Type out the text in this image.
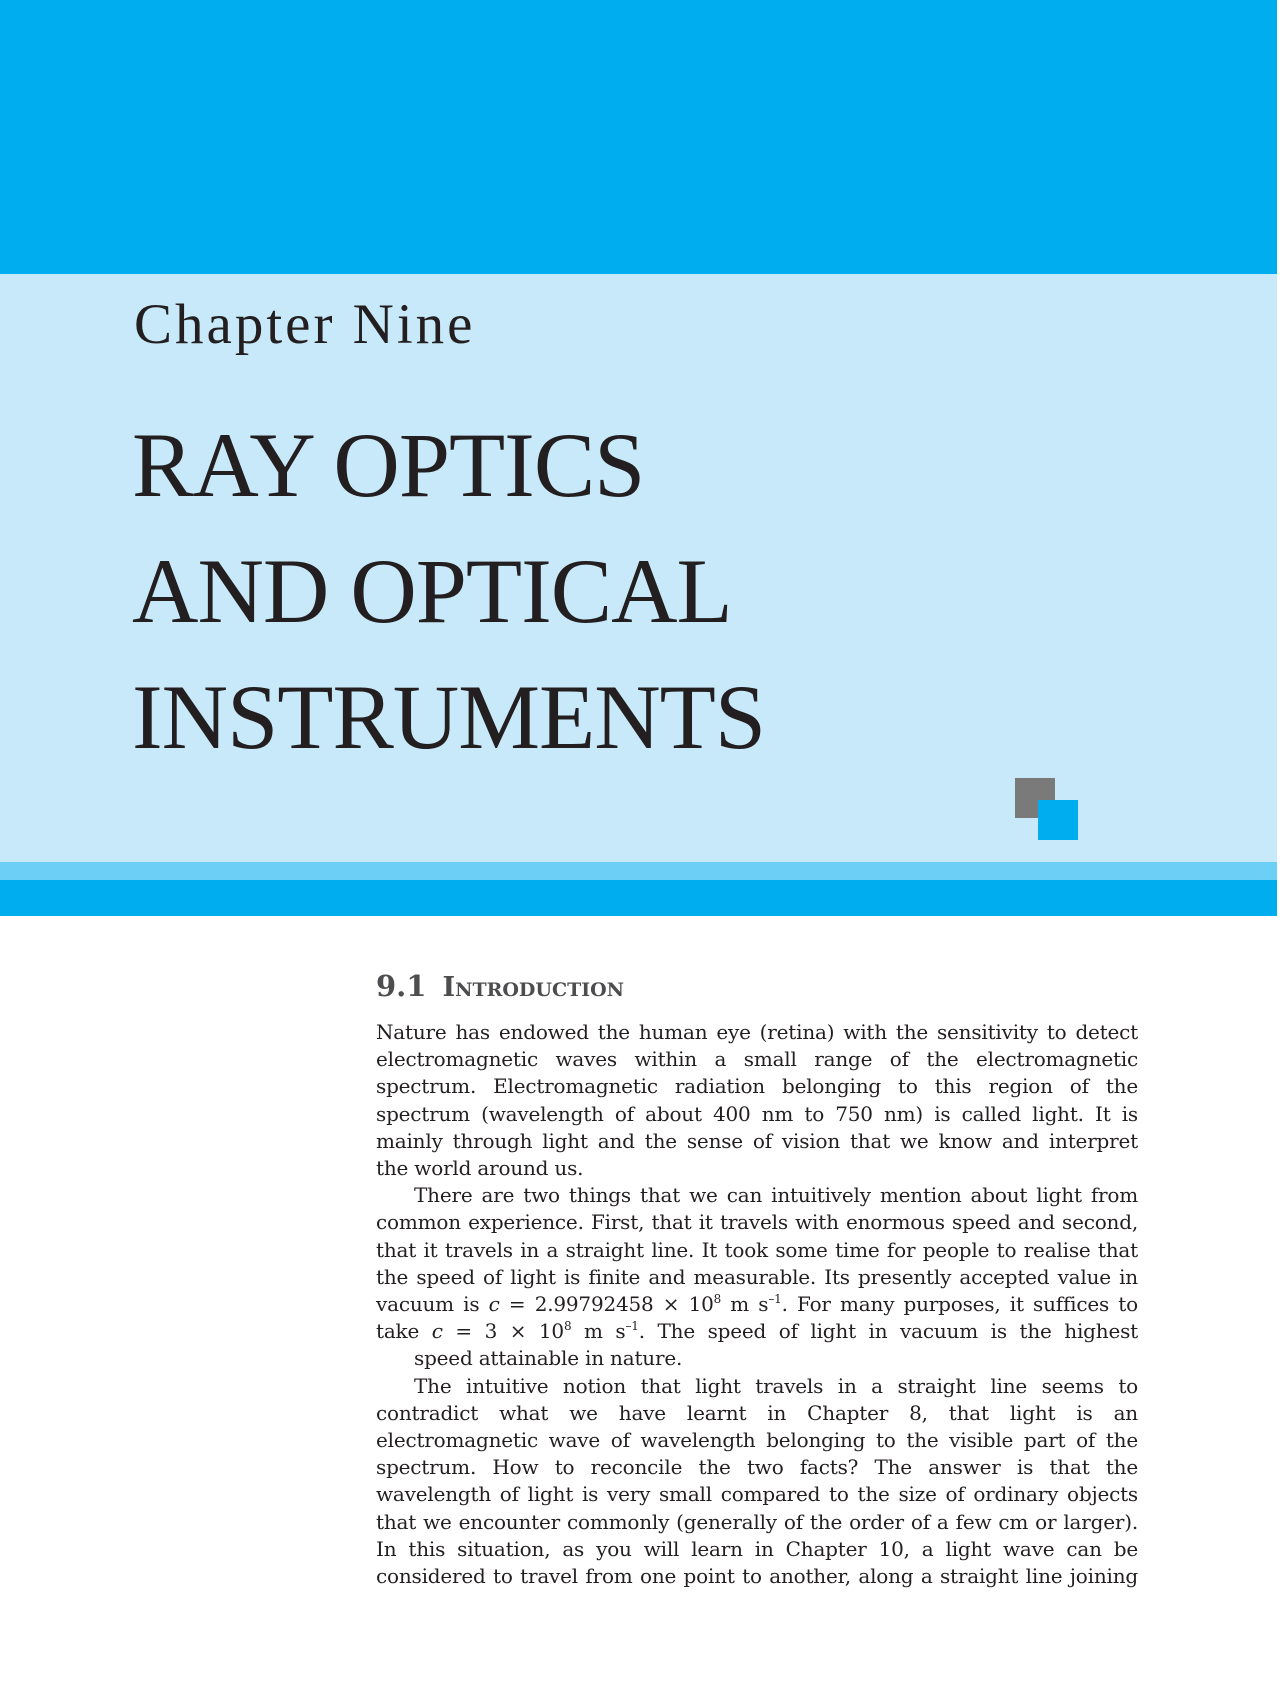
Chapter Nine
RAY OPTICS
AND OPTICAL
INSTRUMENTS
9.1 Introduction

Nature has endowed the human eye (retina) with the sensitivity to detect electromagnetic waves within a small range of the electromagnetic spectrum. Electromagnetic radiation belonging to this region of the spectrum (wavelength of about 400 nm to 750 nm) is called light. It is mainly through light and the sense of vision that we know and interpret
the world around us.

There are two things that we can intuitively mention about light from common experience. First, that it travels with enormous speed and second, that it travels in a straight line. It took some time for people to realise that the speed of light is finite and measurable. Its presently accepted value in vacuum is $c = 2.99792458 \times 10^8$ m $s^{-1}$. For many purposes, it suffices to take $c = 3 \times 10^8$ m $s^{-1}$. The speed of light in vacuum is the highest
speed attainable in nature.

The intuitive notion that light travels in a straight line seems to contradict what we have learnt in Chapter 8, that light is an electromagnetic wave of wavelength belonging to the visible part of the spectrum. How to reconcile the two facts? The answer is that the wavelength of light is very small compared to the size of ordinary objects that we encounter commonly (generally of the order of a few cm or larger). In this situation, as you will learn in Chapter 10, a light wave can be considered to travel from one point to another, along a straight line joining
